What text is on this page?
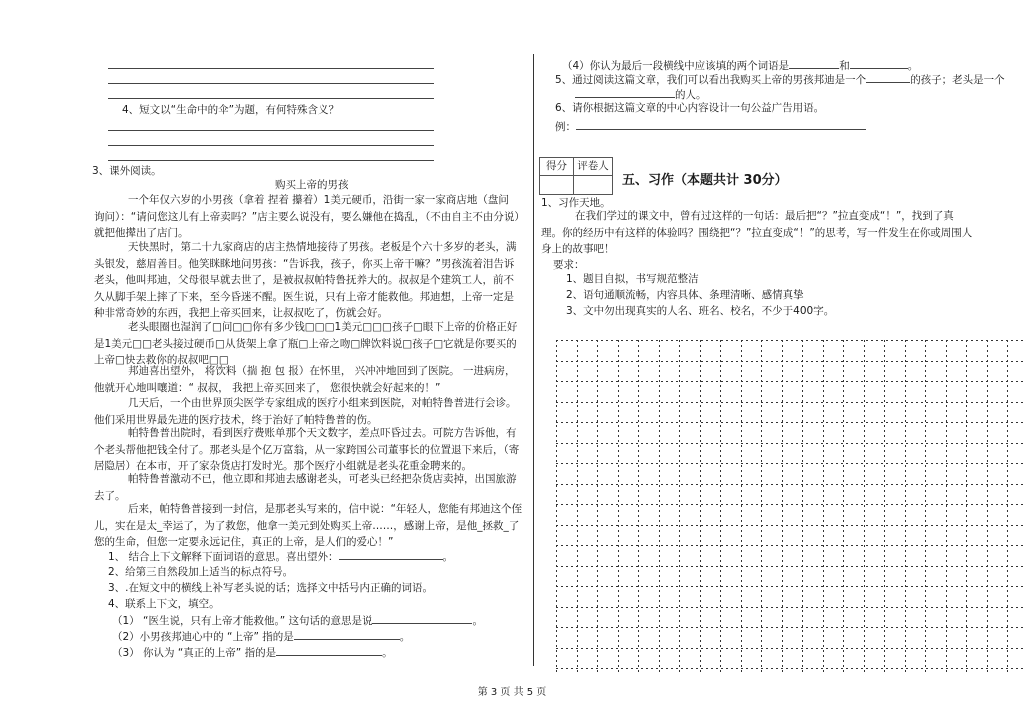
4、短文以“生命中的伞”为题，有何特殊含义？
3、课外阅读。
购买上帝的男孩
一个年仅六岁的小男孩（拿着 捏着 攥着）1美元硬币，沿街一家一家商店地（盘问 询问）：“请问您这儿有上帝卖吗？”店主要么说没有，要么嫌他在捣乱，（不由自主不由分说）就把他撵出了店门。
天快黑时，第二十九家商店的店主热情地接待了男孩。老板是个六十多岁的老头，满头银发，慈眉善目。他笑眯眯地问男孩：“告诉我，孩子，你买上帝干嘛？”男孩流着泪告诉老头，他叫邦迪，父母很早就去世了，是被叔叔帕特鲁抚养大的。叔叔是个建筑工人，前不久从脚手架上摔了下来，至今昏迷不醒。医生说，只有上帝才能救他。邦迪想，上帝一定是种非常奇妙的东西，我把上帝买回来，让叔叔吃了，伤就会好。
老头眼圈也湿润了□问□□你有多少钱□□□1美元□□□孩子□眼下上帝的价格正好是1美元□□老头接过硬币□从货架上拿了瓶□上帝之吻□牌饮料说□孩子□它就是你要买的上帝□快去救你的叔叔吧□□
邦迪喜出望外， 将饮料（揣 抱 包 报）在怀里， 兴冲冲地回到了医院。 一进病房，他就开心地叫嚷道：“ 叔叔， 我把上帝买回来了， 您很快就会好起来的！”
几天后，一个由世界顶尖医学专家组成的医疗小组来到医院，对帕特鲁普进行会诊。他们采用世界最先进的医疗技术，终于治好了帕特鲁普的伤。
帕特鲁普出院时，看到医疗费账单那个天文数字，差点吓昏过去。可院方告诉他，有个老头帮他把钱全付了。那老头是个亿万富翁，从一家跨国公司董事长的位置退下来后，（寄居隐居）在本市，开了家杂货店打发时光。那个医疗小组就是老头花重金聘来的。
帕特鲁普激动不已，他立即和邦迪去感谢老头，可老头已经把杂货店卖掉，出国旅游去了。
后来，帕特鲁普接到一封信，是那老头写来的，信中说：“年轻人，您能有邦迪这个侄儿，实在是太_幸运了，为了救您，他拿一美元到处购买上帝……，感谢上帝，是他_拯救_了您的生命，但您一定要永远记住，真正的上帝，是人们的爱心！”
1、 结合上下文解释下面词语的意思。喜出望外：	。
2、给第三自然段加上适当的标点符号。
3、.在短文中的横线上补写老头说的话；选择文中括号内正确的词语。
4、联系上下文，填空。
（1） “医生说，只有上帝才能救他。” 这句话的意思是说	。
（2）小男孩邦迪心中的 “上帝” 指的是	。
（3） 你认为 “真正的上帝” 指的是	。
（4）你认为最后一段横线中应该填的两个词语是	和	。
5、通过阅读这篇文章，我们可以看出我购买上帝的男孩邦迪是一个	的孩子；老头是一个
的人。
6、请你根据这篇文章的中心内容设计一句公益广告用语。
例：
得分 评卷人
五、习作（本题共计 30分）
1、习作天地。
在我们学过的课文中，曾有过这样的一句话：最后把“？”拉直变成“！”，找到了真理。你的经历中有这样的体验吗？围绕把“？”拉直变成“！”的思考，写一件发生在你或周围人身上的故事吧！
要求：
1、题目自拟，书写规范整洁
2、语句通顺流畅，内容具体、条理清晰、感情真挚
3、文中勿出现真实的人名、班名、校名，不少于400字。
第 3 页 共 5 页
